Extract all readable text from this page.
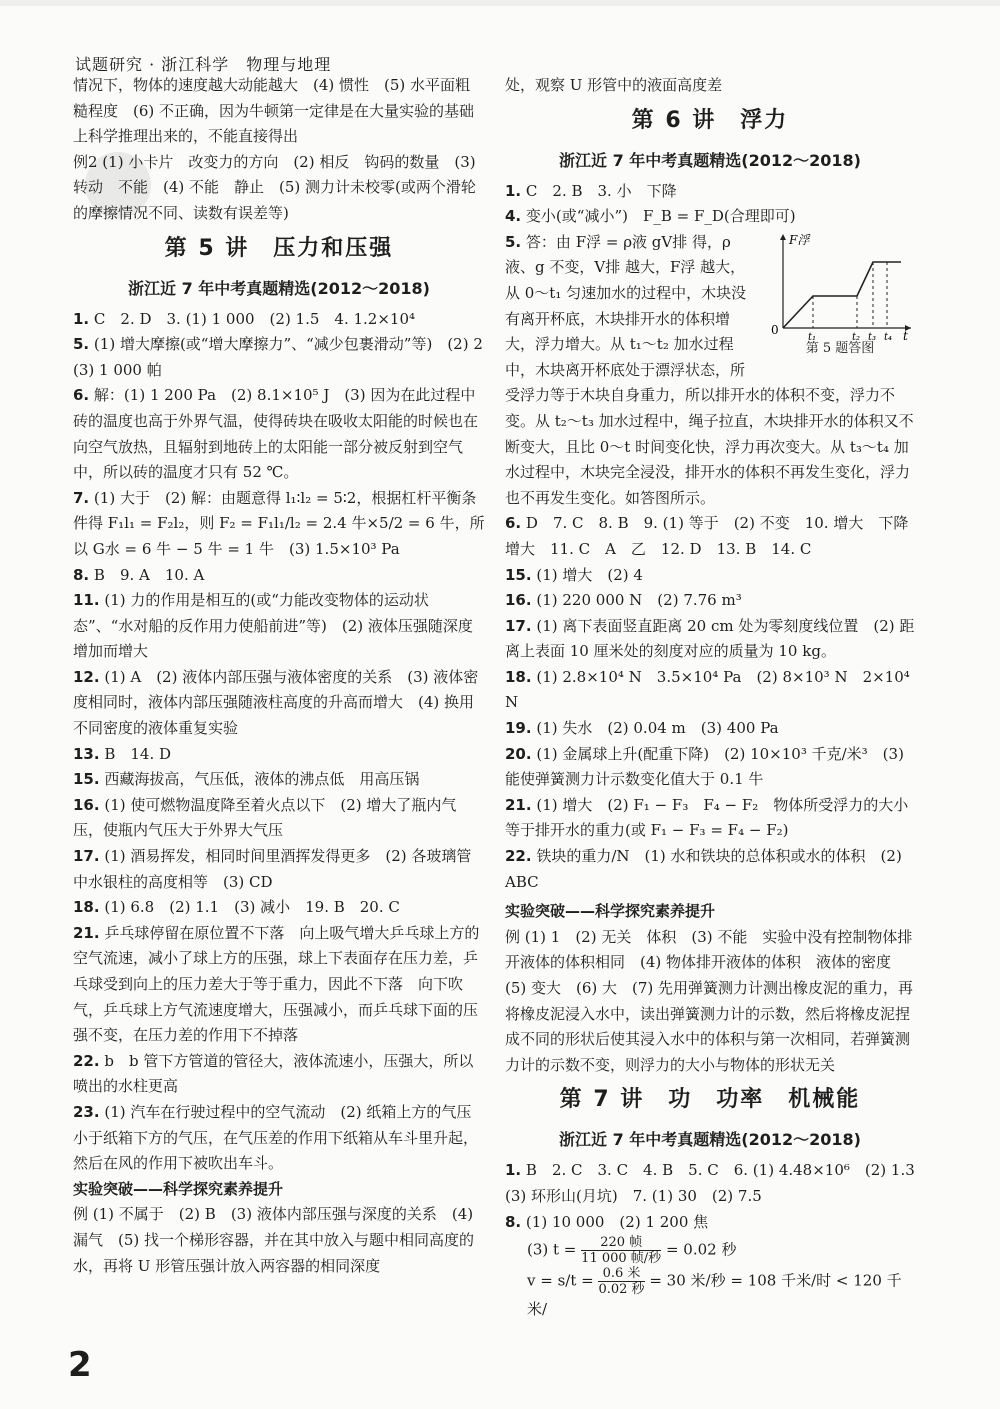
试题研究 · 浙江科学　物理与地理

情况下，物体的速度越大动能越大　(4) 惯性　(5) 水平面粗糙程度　(6) 不正确，因为牛顿第一定律是在大量实验的基础上科学推理出来的，不能直接得出

例2 (1) 小卡片　改变力的方向　(2) 相反　钩码的数量　(3) 转动　不能　(4) 不能　静止　(5) 测力计未校零(或两个滑轮的摩擦情况不同、读数有误差等)

第 5 讲　压力和压强
浙江近 7 年中考真题精选(2012～2018)

1. C　2. D　3. (1) 1 000　(2) 1.5　4. 1.2×10⁴

5. (1) 增大摩擦(或“增大摩擦力”、“减少包裹滑动”等)　(2) 2　(3) 1 000 帕

6. 解：(1) 1 200 Pa　(2) 8.1×10⁵ J　(3) 因为在此过程中砖的温度也高于外界气温，使得砖块在吸收太阳能的时候也在向空气放热，且辐射到地砖上的太阳能一部分被反射到空气中，所以砖的温度才只有 52 ℃。

7. (1) 大于　(2) 解：由题意得 l₁∶l₂ = 5∶2，根据杠杆平衡条件得 F₁l₁ = F₂l₂，则 F₂ = F₁l₁/l₂ = 2.4 牛×5/2 = 6 牛，所以 G水 = 6 牛 − 5 牛 = 1 牛　(3) 1.5×10³ Pa

8. B　9. A　10. A

11. (1) 力的作用是相互的(或“力能改变物体的运动状态”、“水对船的反作用力使船前进”等)　(2) 液体压强随深度增加而增大

12. (1) A　(2) 液体内部压强与液体密度的关系　(3) 液体密度相同时，液体内部压强随液柱高度的升高而增大　(4) 换用不同密度的液体重复实验

13. B　14. D

15. 西藏海拔高，气压低，液体的沸点低　用高压锅

16. (1) 使可燃物温度降至着火点以下　(2) 增大了瓶内气压，使瓶内气压大于外界大气压

17. (1) 酒易挥发，相同时间里酒挥发得更多　(2) 各玻璃管中水银柱的高度相等　(3) CD

18. (1) 6.8　(2) 1.1　(3) 减小　19. B　20. C

21. 乒乓球停留在原位置不下落　向上吸气增大乒乓球上方的空气流速，减小了球上方的压强，球上下表面存在压力差，乒乓球受到向上的压力差大于等于重力，因此不下落　向下吹气，乒乓球上方气流速度增大，压强减小，而乒乓球下面的压强不变，在压力差的作用下不掉落

22. b　b 管下方管道的管径大，液体流速小，压强大，所以喷出的水柱更高

23. (1) 汽车在行驶过程中的空气流动　(2) 纸箱上方的气压小于纸箱下方的气压，在气压差的作用下纸箱从车斗里升起，然后在风的作用下被吹出车斗。

实验突破——科学探究素养提升

例 (1) 不属于　(2) B　(3) 液体内部压强与深度的关系　(4) 漏气　(5) 找一个梯形容器，并在其中放入与题中相同高度的水，再将 U 形管压强计放入两容器的相同深度

处，观察 U 形管中的液面高度差

第 6 讲　浮力
浙江近 7 年中考真题精选(2012～2018)

1. C　2. B　3. 小　下降

4. 变小(或“减小”)　F_B = F_D(合理即可)

F浮
0	t
t₁	t₂ t₃ t₄
第 5 题答图

5. 答：由 F浮 = ρ液 gV排 得，ρ液、g 不变，V排 越大，F浮 越大，从 0～t₁ 匀速加水的过程中，木块没有离开杯底，木块排开水的体积增大，浮力增大。从 t₁～t₂ 加水过程中，木块离开杯底处于漂浮状态，所受浮力等于木块自身重力，所以排开水的体积不变，浮力不变。从 t₂～t₃ 加水过程中，绳子拉直，木块排开水的体积又不断变大，且比 0～t 时间变化快，浮力再次变大。从 t₃～t₄ 加水过程中，木块完全浸没，排开水的体积不再发生变化，浮力也不再发生变化。如答图所示。

6. D　7. C　8. B　9. (1) 等于　(2) 不变　10. 增大　下降　增大　11. C　A　乙　12. D　13. B　14. C

15. (1) 增大　(2) 4

16. (1) 220 000 N　(2) 7.76 m³

17. (1) 离下表面竖直距离 20 cm 处为零刻度线位置　(2) 距离上表面 10 厘米处的刻度对应的质量为 10 kg。

18. (1) 2.8×10⁴ N　3.5×10⁴ Pa　(2) 8×10³ N　2×10⁴ N

19. (1) 失水　(2) 0.04 m　(3) 400 Pa

20. (1) 金属球上升(配重下降)　(2) 10×10³ 千克/米³　(3) 能使弹簧测力计示数变化值大于 0.1 牛

21. (1) 增大　(2) F₁ − F₃　F₄ − F₂　物体所受浮力的大小等于排开水的重力(或 F₁ − F₃ = F₄ − F₂)

22. 铁块的重力/N　(1) 水和铁块的总体积或水的体积　(2) ABC

实验突破——科学探究素养提升

例 (1) 1　(2) 无关　体积　(3) 不能　实验中没有控制物体排开液体的体积相同　(4) 物体排开液体的体积　液体的密度　(5) 变大　(6) 大　(7) 先用弹簧测力计测出橡皮泥的重力，再将橡皮泥浸入水中，读出弹簧测力计的示数，然后将橡皮泥捏成不同的形状后使其浸入水中的体积与第一次相同，若弹簧测力计的示数不变，则浮力的大小与物体的形状无关

第 7 讲　功　功率　机械能
浙江近 7 年中考真题精选(2012～2018)

1. B　2. C　3. C　4. B　5. C　6. (1) 4.48×10⁶　(2) 1.3　(3) 环形山(月坑)　7. (1) 30　(2) 7.5

8. (1) 10 000　(2) 1 200 焦

(3) $t = \frac{\text{220 帧}}{\text{11 000 帧/秒}} = 0.02$ 秒

$v = s/t = \frac{\text{0.6 米}}{\text{0.02 秒}} = 30$ 米/秒 = 108 千米/时 < 120 千米/

2
